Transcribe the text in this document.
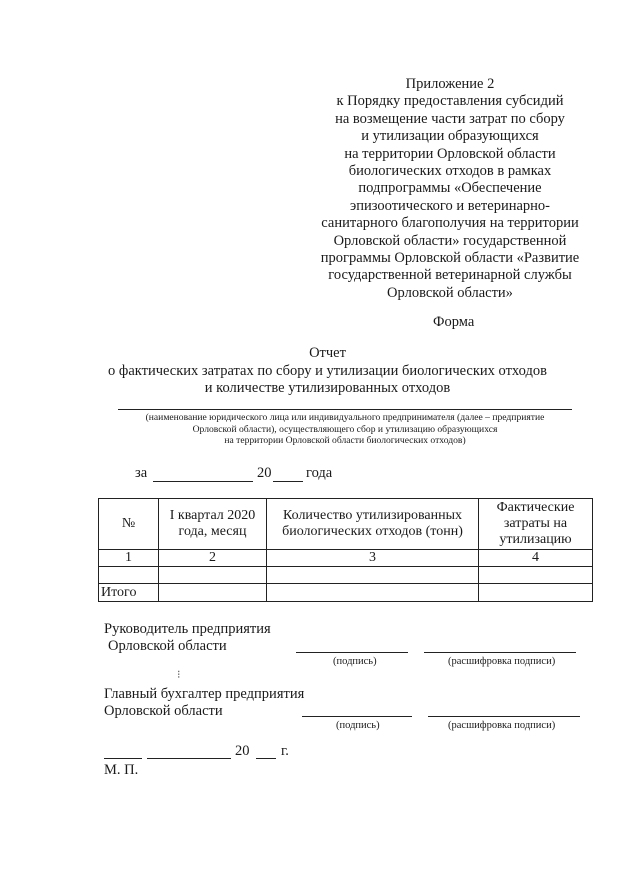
Приложение 2
к Порядку предоставления субсидий
на возмещение части затрат по сбору
и утилизации образующихся
на территории Орловской области
биологических отходов в рамках
подпрограммы «Обеспечение
эпизоотического и ветеринарно-
санитарного благополучия на территории
Орловской области» государственной
программы Орловской области «Развитие
государственной ветеринарной службы
Орловской области»
Форма
Отчет
о фактических затратах по сбору и утилизации биологических отходов
и количестве утилизированных отходов
(наименование юридического лица или индивидуального предпринимателя (далее – предприятие
Орловской области), осуществляющего сбор и утилизацию образующихся
на территории Орловской области биологических отходов)
за	20 года
№	I квартал 2020 года, месяц	Количество утилизированных биологических отходов (тонн)	Фактические затраты на утилизацию
1	2	3	4

Итого			
Руководитель предприятия
Орловской области
(подпись)	(расшифровка подписи)
⁝
Главный бухгалтер предприятия
Орловской области
(подпись)	(расшифровка подписи)
20 г.
М. П.
